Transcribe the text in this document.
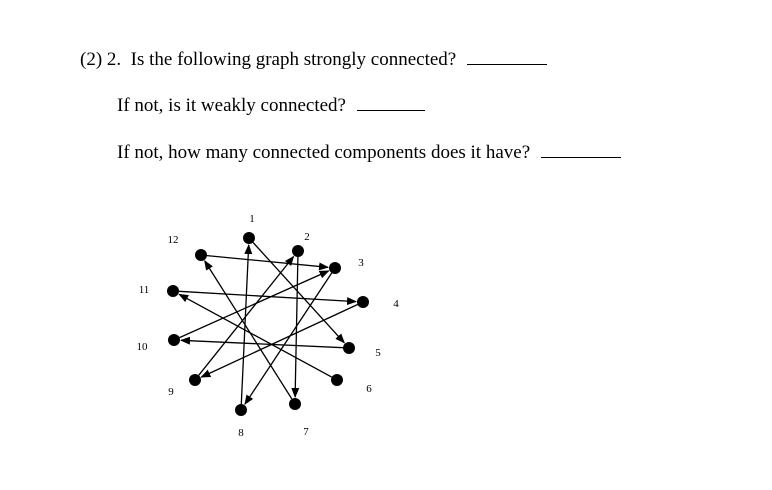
(2) 2. Is the following graph strongly connected?
If not, is it weakly connected?
If not, how many connected components does it have?
1
2
3
4
5
6
7
8
9
10
11
12
